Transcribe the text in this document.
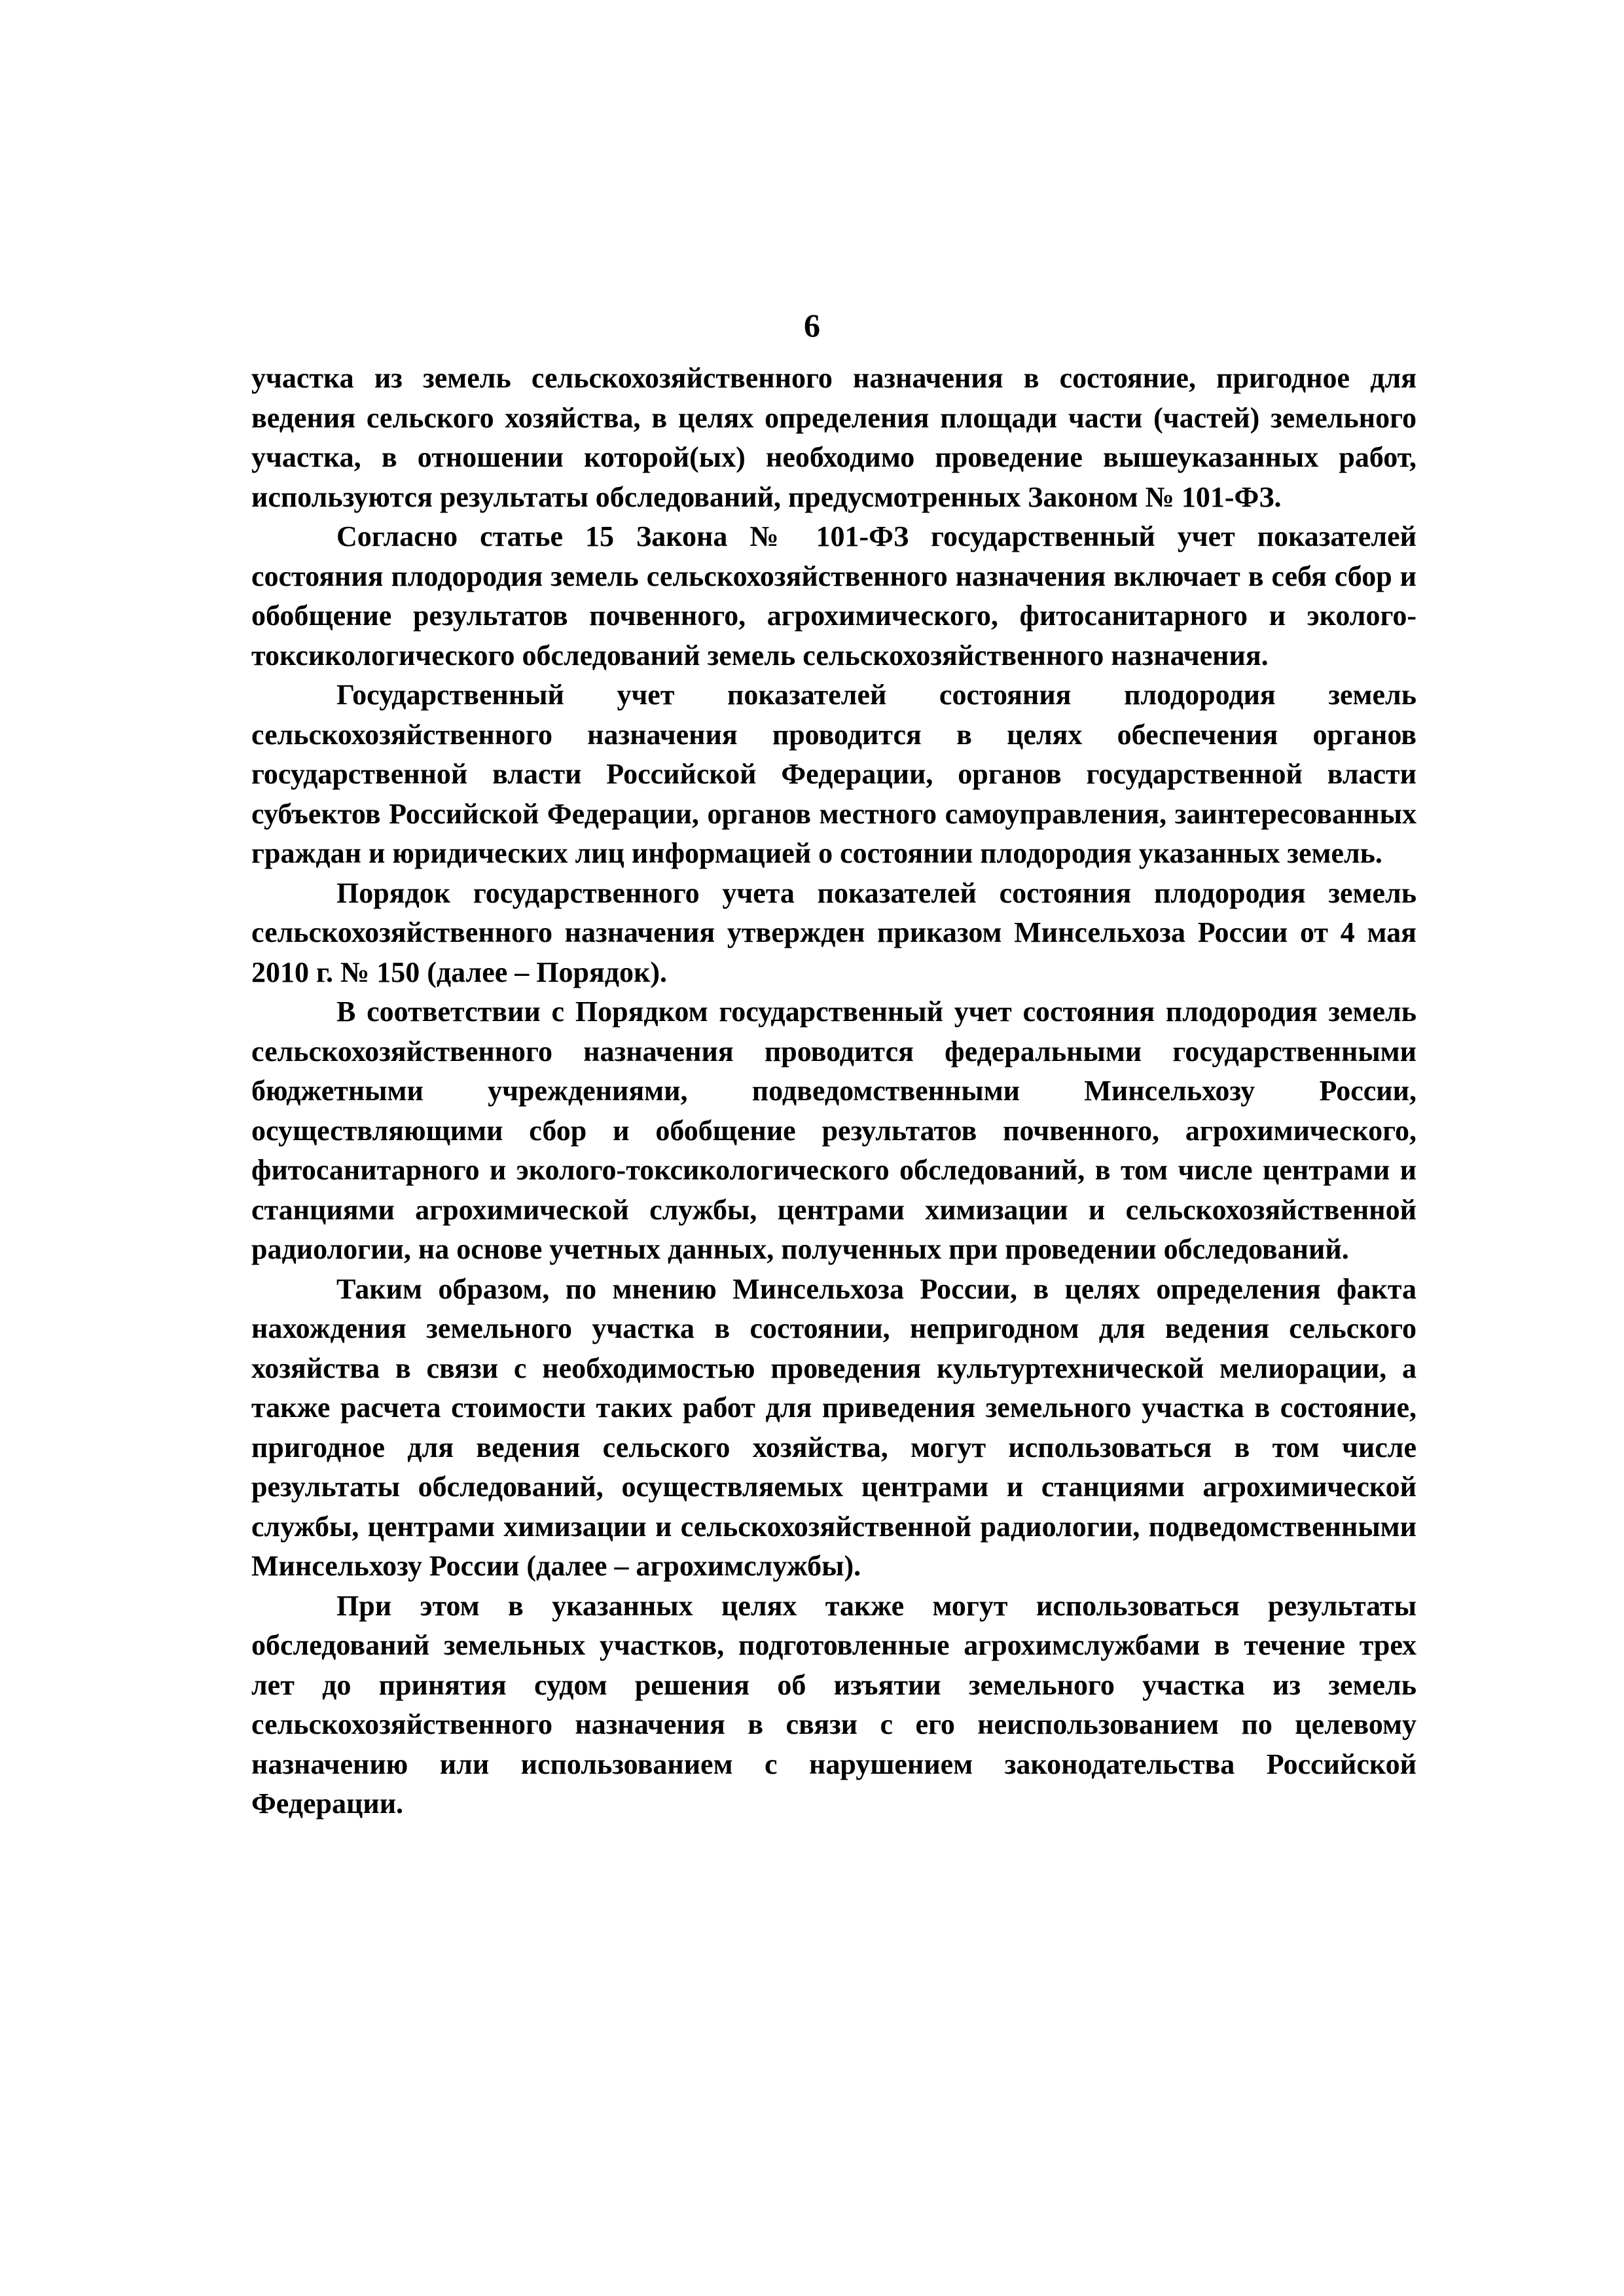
6

участка из земель сельскохозяйственного назначения в состояние, пригодное для ведения сельского хозяйства, в целях определения площади части (частей) земельного участка, в отношении которой(ых) необходимо проведение вышеуказанных работ, используются результаты обследований, предусмотренных Законом № 101-ФЗ.

Согласно статье 15 Закона № 101-ФЗ государственный учет показателей состояния плодородия земель сельскохозяйственного назначения включает в себя сбор и обобщение результатов почвенного, агрохимического, фитосанитарного и эколого-токсикологического обследований земель сельскохозяйственного назначения.

Государственный учет показателей состояния плодородия земель сельскохозяйственного назначения проводится в целях обеспечения органов государственной власти Российской Федерации, органов государственной власти субъектов Российской Федерации, органов местного самоуправления, заинтересованных граждан и юридических лиц информацией о состоянии плодородия указанных земель.

Порядок государственного учета показателей состояния плодородия земель сельскохозяйственного назначения утвержден приказом Минсельхоза России от 4 мая 2010 г. № 150 (далее – Порядок).

В соответствии с Порядком государственный учет состояния плодородия земель сельскохозяйственного назначения проводится федеральными государственными бюджетными учреждениями, подведомственными Минсельхозу России, осуществляющими сбор и обобщение результатов почвенного, агрохимического, фитосанитарного и эколого-токсикологического обследований, в том числе центрами и станциями агрохимической службы, центрами химизации и сельскохозяйственной радиологии, на основе учетных данных, полученных при проведении обследований.

Таким образом, по мнению Минсельхоза России, в целях определения факта нахождения земельного участка в состоянии, непригодном для ведения сельского хозяйства в связи с необходимостью проведения культуртехнической мелиорации, а также расчета стоимости таких работ для приведения земельного участка в состояние, пригодное для ведения сельского хозяйства, могут использоваться в том числе результаты обследований, осуществляемых центрами и станциями агрохимической службы, центрами химизации и сельскохозяйственной радиологии, подведомственными Минсельхозу России (далее – агрохимслужбы).

При этом в указанных целях также могут использоваться результаты обследований земельных участков, подготовленные агрохимслужбами в течение трех лет до принятия судом решения об изъятии земельного участка из земель сельскохозяйственного назначения в связи с его неиспользованием по целевому назначению или использованием с нарушением законодательства Российской Федерации.
